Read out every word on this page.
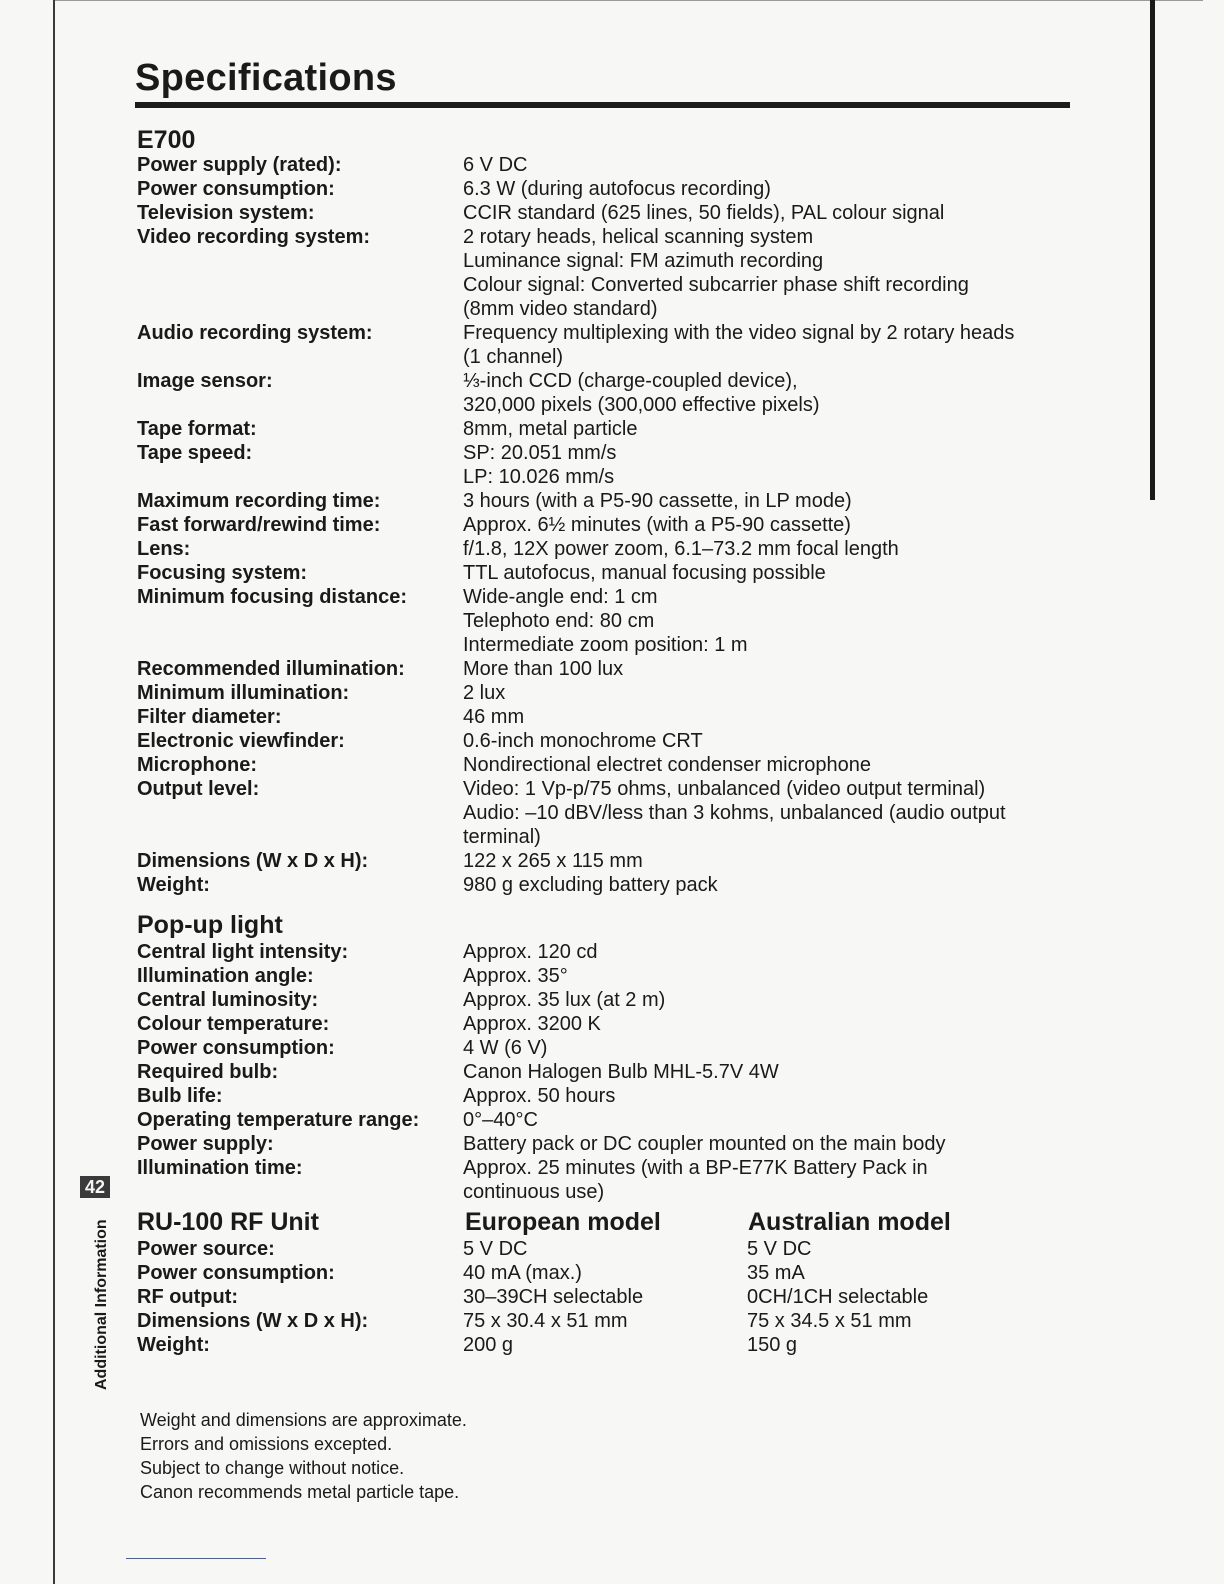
Specifications
E700
Power supply (rated):	6 V DC
Power consumption:	6.3 W (during autofocus recording)
Television system:	CCIR standard (625 lines, 50 fields), PAL colour signal
Video recording system:	2 rotary heads, helical scanning system
Luminance signal: FM azimuth recording
Colour signal: Converted subcarrier phase shift recording
(8mm video standard)
Audio recording system:	Frequency multiplexing with the video signal by 2 rotary heads
(1 channel)
Image sensor:	⅓-inch CCD (charge-coupled device),
320,000 pixels (300,000 effective pixels)
Tape format:	8mm, metal particle
Tape speed:	SP: 20.051 mm/s
LP: 10.026 mm/s
Maximum recording time:	3 hours (with a P5-90 cassette, in LP mode)
Fast forward/rewind time:	Approx. 6½ minutes (with a P5-90 cassette)
Lens:	f/1.8, 12X power zoom, 6.1–73.2 mm focal length
Focusing system:	TTL autofocus, manual focusing possible
Minimum focusing distance:	Wide-angle end: 1 cm
Telephoto end: 80 cm
Intermediate zoom position: 1 m
Recommended illumination:	More than 100 lux
Minimum illumination:	2 lux
Filter diameter:	46 mm
Electronic viewfinder:	0.6-inch monochrome CRT
Microphone:	Nondirectional electret condenser microphone
Output level:	Video: 1 Vp-p/75 ohms, unbalanced (video output terminal)
Audio: –10 dBV/less than 3 kohms, unbalanced (audio output
terminal)
Dimensions (W x D x H):	122 x 265 x 115 mm
Weight:	980 g excluding battery pack
Pop-up light
Central light intensity:	Approx. 120 cd
Illumination angle:	Approx. 35°
Central luminosity:	Approx. 35 lux (at 2 m)
Colour temperature:	Approx. 3200 K
Power consumption:	4 W (6 V)
Required bulb:	Canon Halogen Bulb MHL-5.7V 4W
Bulb life:	Approx. 50 hours
Operating temperature range:	0°–40°C
Power supply:	Battery pack or DC coupler mounted on the main body
Illumination time:	Approx. 25 minutes (with a BP-E77K Battery Pack in
continuous use)
RU-100 RF Unit	European model	Australian model
Power source:	5 V DC	5 V DC
Power consumption:	40 mA (max.)	35 mA
RF output:	30–39CH selectable	0CH/1CH selectable
Dimensions (W x D x H):	75 x 30.4 x 51 mm	75 x 34.5 x 51 mm
Weight:	200 g	150 g
42
Additional Information
Weight and dimensions are approximate.
Errors and omissions excepted.
Subject to change without notice.
Canon recommends metal particle tape.
